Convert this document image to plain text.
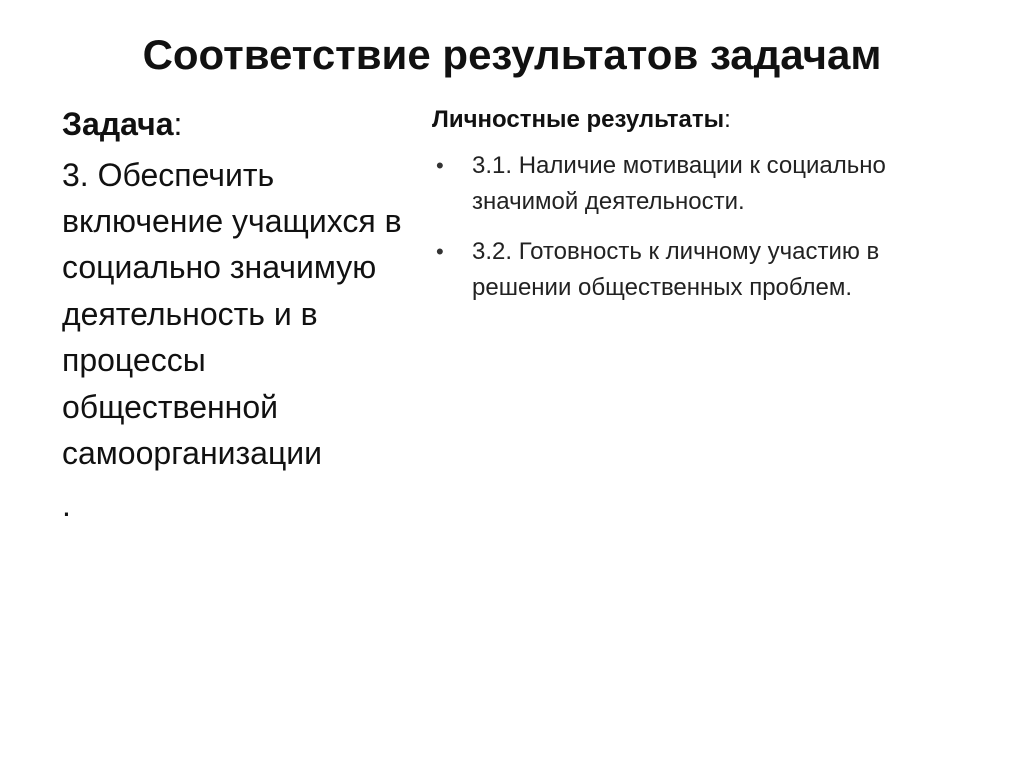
Соответствие результатов задачам

Задача:

3. Обеспечить включение учащихся в социально значимую деятельность и в процессы общественной самоорганизации

.

Личностные результаты:

• 3.1. Наличие мотивации к социально значимой деятельности.
• 3.2. Готовность к личному участию в решении общественных проблем.
